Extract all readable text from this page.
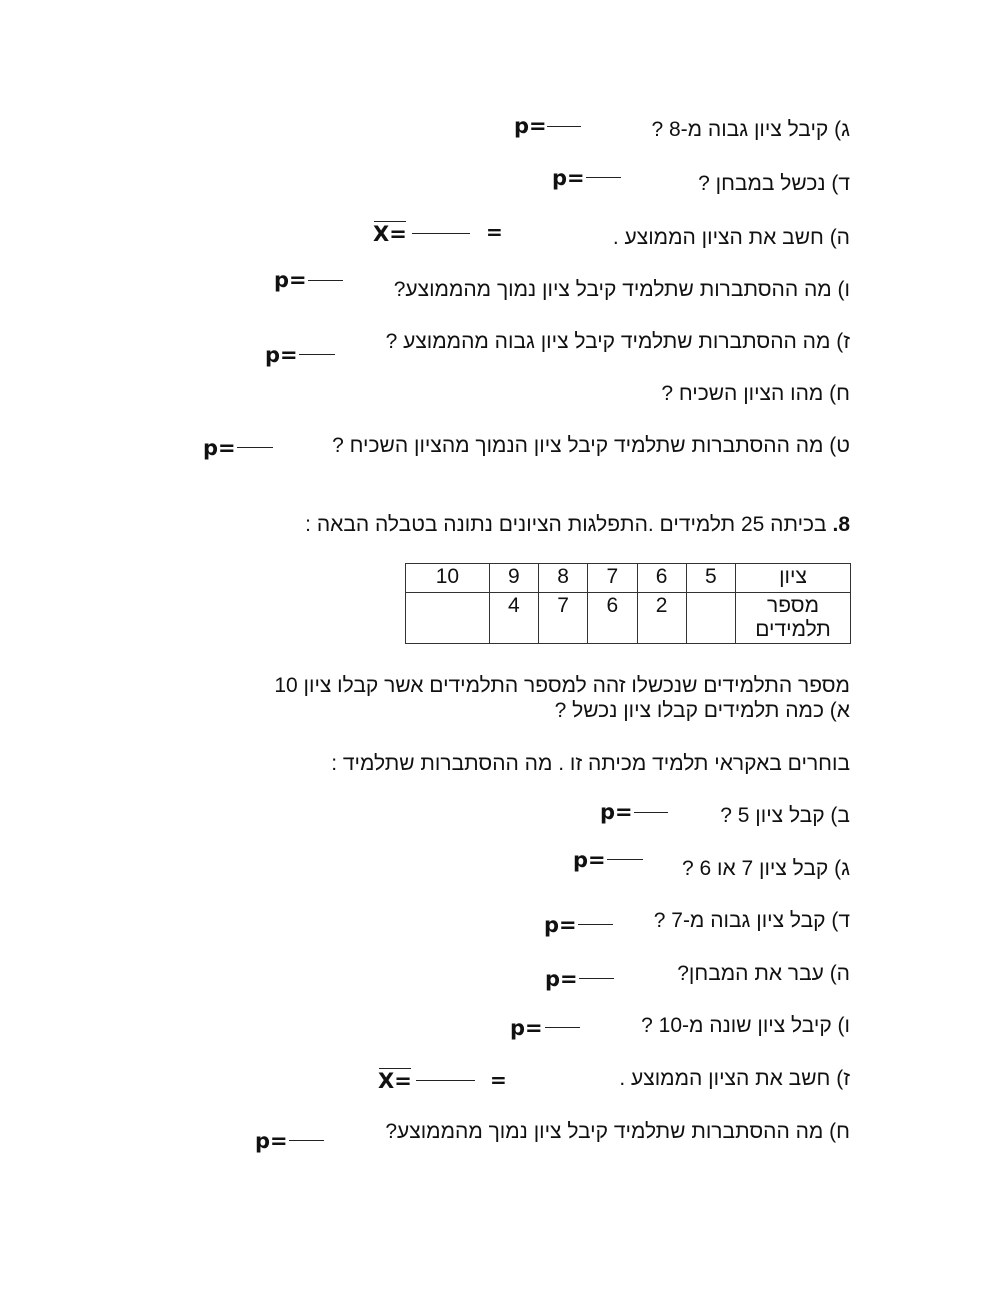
ג) קיבל ציון גבוה מ-8 ?
p=
ד) נכשל במבחן ?
p=
ה) חשב את הציון הממוצע .
X=	=
ו) מה ההסתברות שתלמיד קיבל ציון נמוך מהממוצע?
p=
ז) מה ההסתברות שתלמיד קיבל ציון גבוה מהממוצע ?
p=
ח) מהו הציון השכיח ?
ט) מה ההסתברות שתלמיד קיבל ציון הנמוך מהציון השכיח ?
p=
8. בכיתה 25 תלמידים .התפלגות הציונים נתונה בטבלה הבאה :
ציון	5	6	7	8	9	10
מספר תלמידים		2	6	7	4	
מספר התלמידים שנכשלו זהה למספר התלמידים אשר קבלו ציון 10
א) כמה תלמידים קבלו ציון נכשל ?
בוחרים באקראי תלמיד מכיתה זו . מה ההסתברות שתלמיד :
ב) קבל ציון 5 ?
p=
ג) קבל ציון 7 או 6 ?
p=
ד) קבל ציון גבוה מ-7 ?
p=
ה) עבר את המבחן?
p=
ו) קיבל ציון שונה מ-10 ?
p=
ז) חשב את הציון הממוצע .
X=	=
ח) מה ההסתברות שתלמיד קיבל ציון נמוך מהממוצע?
p=
